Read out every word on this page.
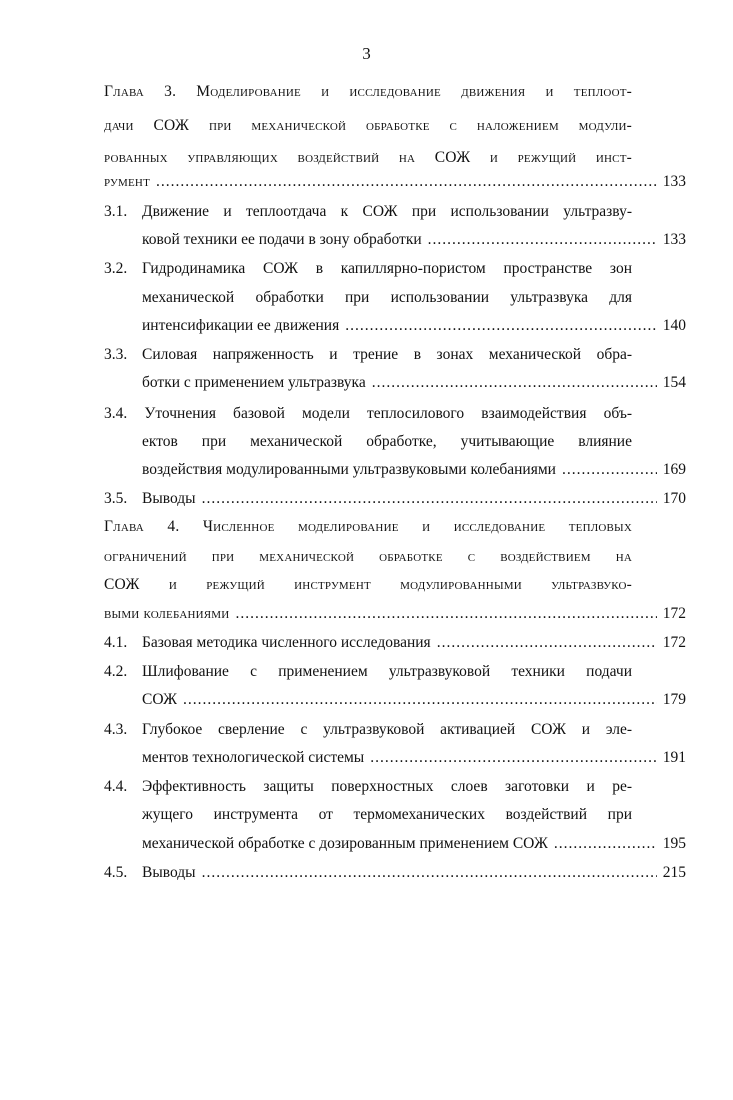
3
Глава 3. Моделирование и исследование движения и теплоот-
дачи СОЖ при механической обработке с наложением модули-
рованных управляющих воздействий на СОЖ и режущий инст-
румент .....	133
3.1. Движение и теплоотдача к СОЖ при использовании ультразву-
ковой техники ее подачи в зону обработки .....	133
3.2. Гидродинамика СОЖ в капиллярно-пористом пространстве зон
механической обработки при использовании ультразвука для
интенсификации ее движения .....	140
3.3. Силовая напряженность и трение в зонах механической обра-
ботки с применением ультразвука .....	154
3.4. Уточнения базовой модели теплосилового взаимодействия объ-
ектов при механической обработке, учитывающие влияние
воздействия модулированными ультразвуковыми колебаниями .....	169
3.5. Выводы .....	170
Глава 4. Численное моделирование и исследование тепловых
ограничений при механической обработке с воздействием на
СОЖ и режущий инструмент модулированными ультразвуко-
выми колебаниями .....	172
4.1. Базовая методика численного исследования .....	172
4.2. Шлифование с применением ультразвуковой техники подачи
СОЖ .....	179
4.3. Глубокое сверление с ультразвуковой активацией СОЖ и эле-
ментов технологической системы .....	191
4.4. Эффективность защиты поверхностных слоев заготовки и ре-
жущего инструмента от термомеханических воздействий при
механической обработке с дозированным применением СОЖ .....	195
4.5. Выводы .....	215
